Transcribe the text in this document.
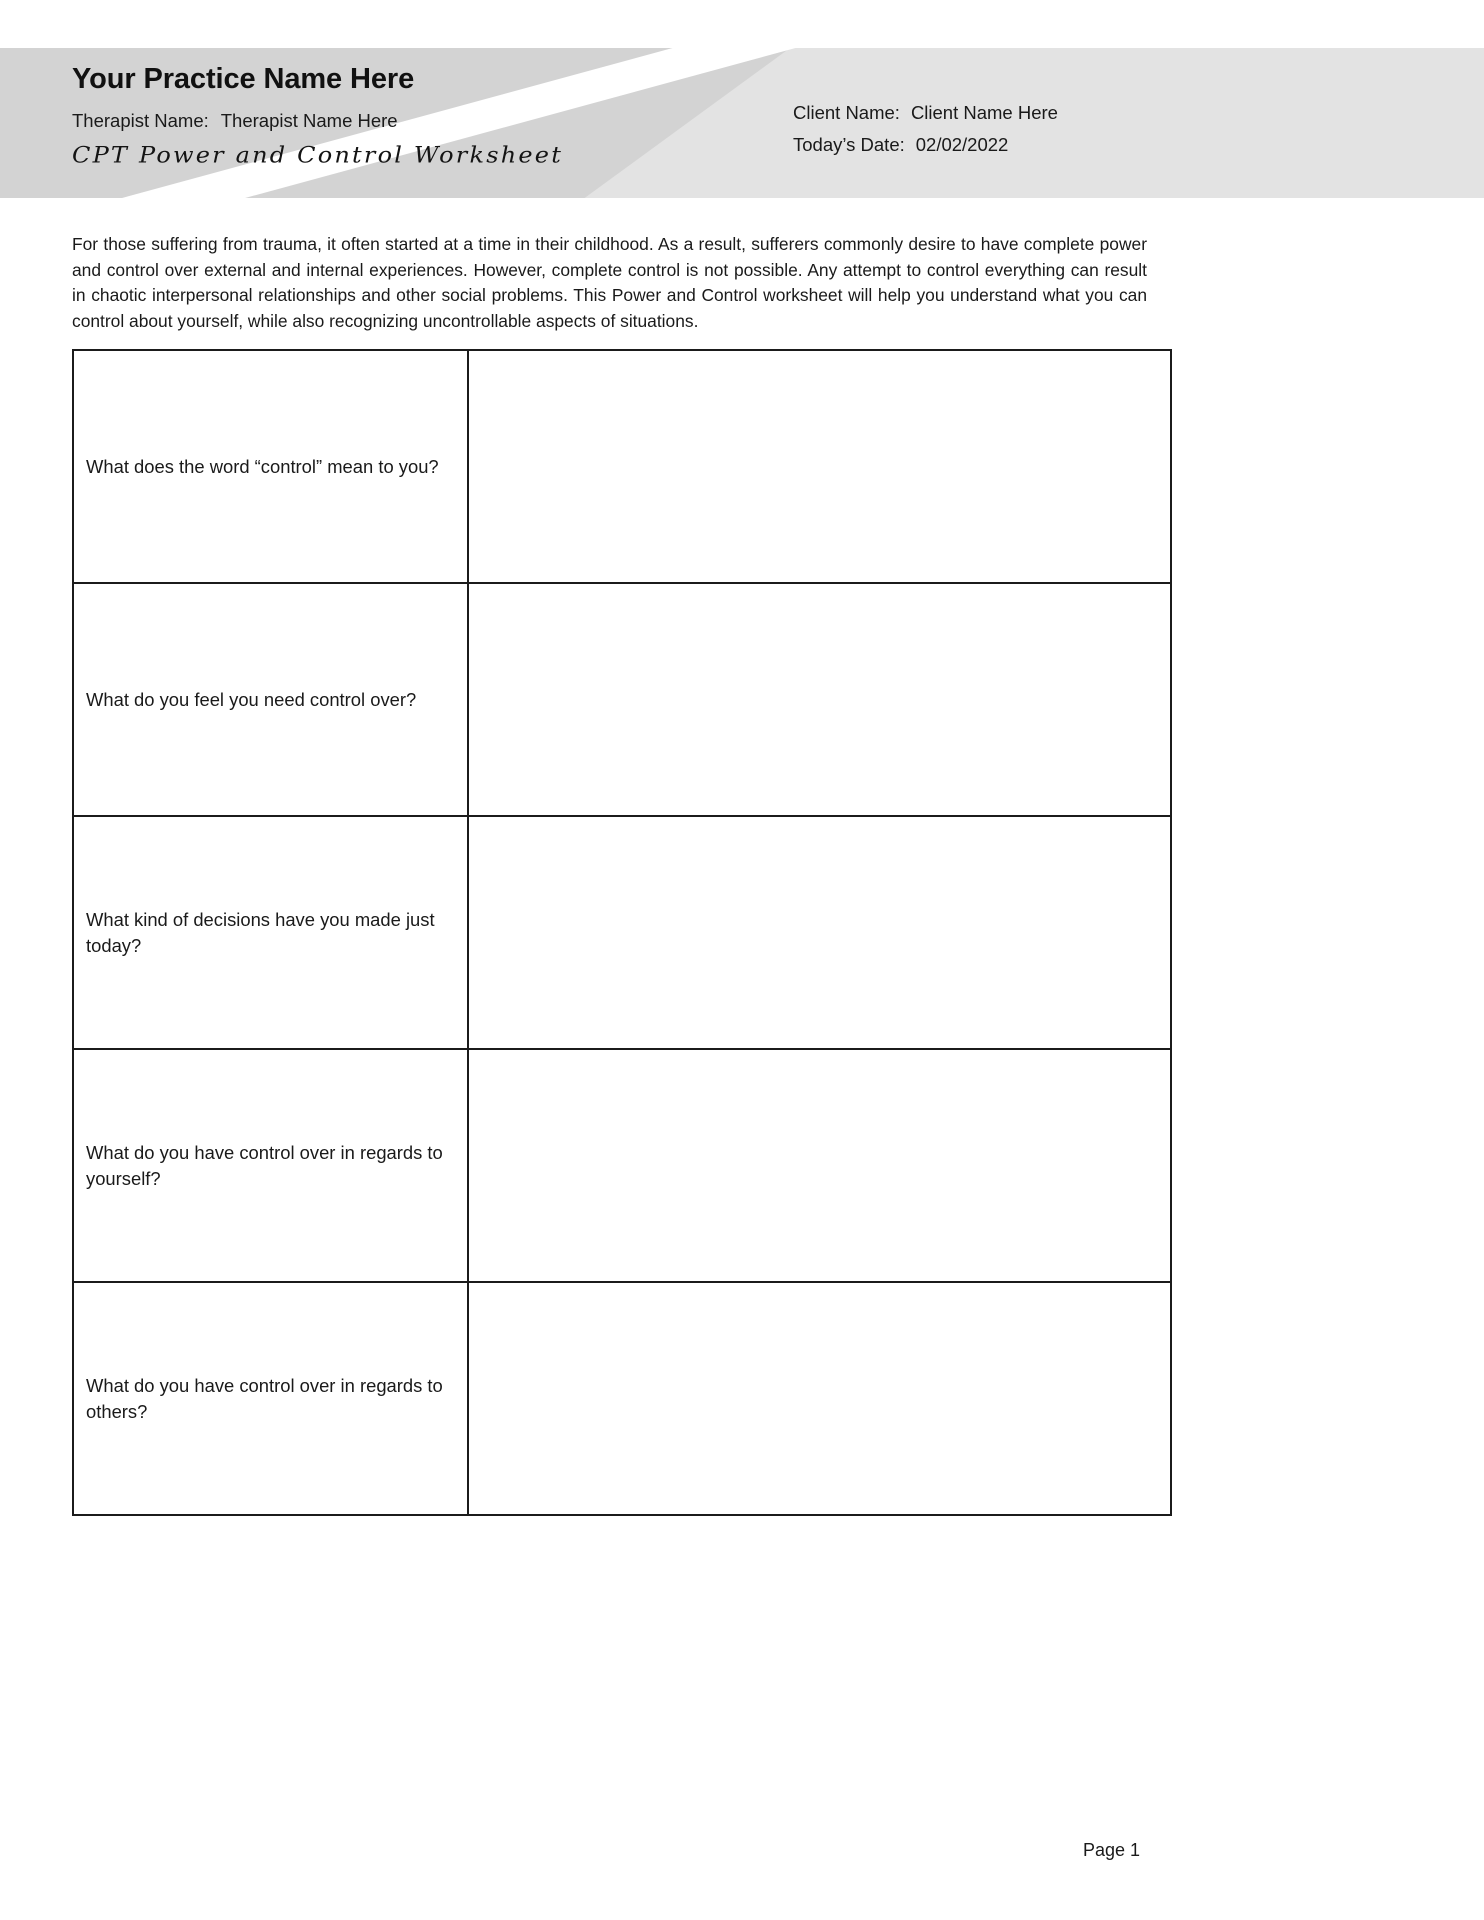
Your Practice Name Here
Therapist Name: Therapist Name Here
CPT Power and Control Worksheet
Client Name: Client Name Here
Today’s Date: 02/02/2022
For those suffering from trauma, it often started at a time in their childhood. As a result, sufferers commonly desire to have complete power and control over external and internal experiences. However, complete control is not possible. Any attempt to control everything can result in chaotic interpersonal relationships and other social problems. This Power and Control worksheet will help you understand what you can control about yourself, while also recognizing uncontrollable aspects of situations.
What does the word “control” mean to you?	
What do you feel you need control over?	
What kind of decisions have you made just today?	
What do you have control over in regards to yourself?	
What do you have control over in regards to others?	
Page 1
